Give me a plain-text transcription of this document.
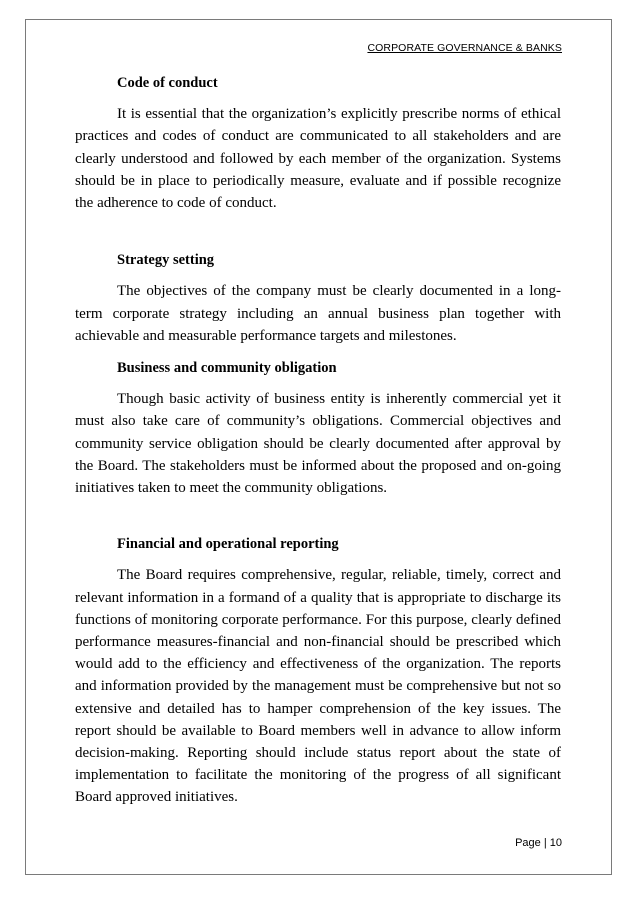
CORPORATE GOVERNANCE & BANKS

Code of conduct

It is essential that the organization’s explicitly prescribe norms of ethical practices and codes of conduct are communicated to all stakeholders and are clearly understood and followed by each member of the organization. Systems should be in place to periodically measure, evaluate and if possible recognize the adherence to code of conduct.

Strategy setting

The objectives of the company must be clearly documented in a long-term corporate strategy including an annual business plan together with achievable and measurable performance targets and milestones.

Business and community obligation

Though basic activity of business entity is inherently commercial yet it must also take care of community’s obligations. Commercial objectives and community service obligation should be clearly documented after approval by the Board. The stakeholders must be informed about the proposed and on-going initiatives taken to meet the community obligations.

Financial and operational reporting

The Board requires comprehensive, regular, reliable, timely, correct and relevant information in a formand of a quality that is appropriate to discharge its functions of monitoring corporate performance. For this purpose, clearly defined performance measures-financial and non-financial should be prescribed which would add to the efficiency and effectiveness of the organization. The reports and information provided by the management must be comprehensive but not so extensive and detailed has to hamper comprehension of the key issues. The report should be available to Board members well in advance to allow inform decision-making. Reporting should include status report about the state of implementation to facilitate the monitoring of the progress of all significant Board approved initiatives.

Page | 10
